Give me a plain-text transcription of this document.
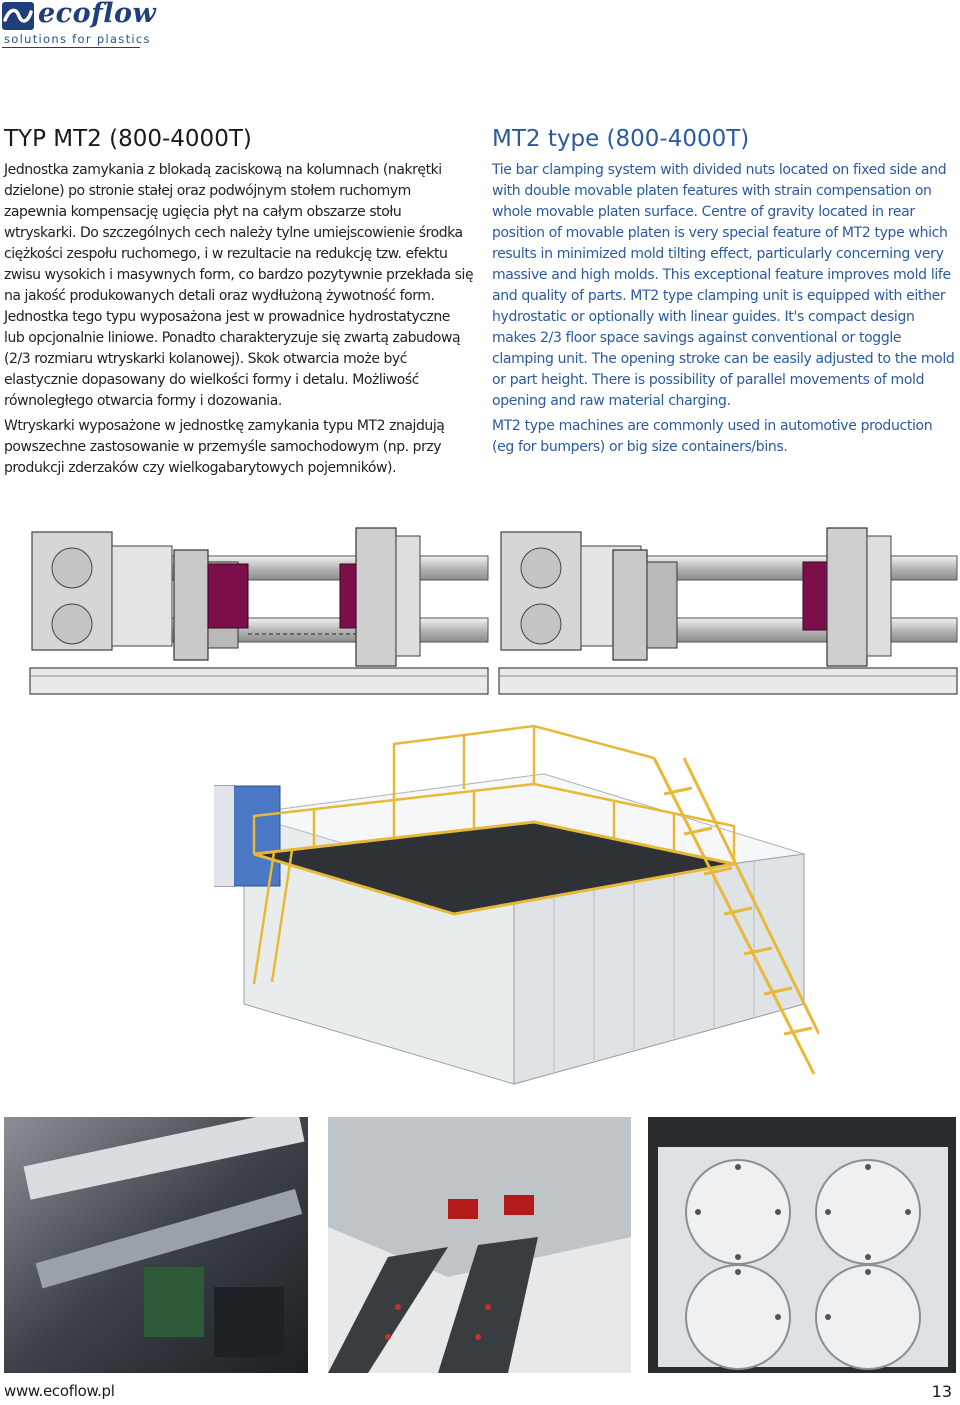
ecoflow
solutions for plastics
TYP MT2 (800-4000T)

Jednostka zamykania z blokadą zaciskową na kolumnach (nakrętki dzielone) po stronie stałej oraz podwójnym stołem ruchomym zapewnia kompensację ugięcia płyt na całym obszarze stołu wtryskarki. Do szczególnych cech należy tylne umiejscowienie środka ciężkości zespołu ruchomego, i w rezultacie na redukcję tzw. efektu zwisu wysokich i masywnych form, co bardzo pozytywnie przekłada się na jakość produkowanych detali oraz wydłużoną żywotność form. Jednostka tego typu wyposażona jest w prowadnice hydrostatyczne lub opcjonalnie liniowe. Ponadto charakteryzuje się zwartą zabudową (2/3 rozmiaru wtryskarki kolanowej). Skok otwarcia może być elastycznie dopasowany do wielkości formy i detalu. Możliwość równoległego otwarcia formy i dozowania.

Wtryskarki wyposażone w jednostkę zamykania typu MT2 znajdują powszechne zastosowanie w przemyśle samochodowym (np. przy produkcji zderzaków czy wielkogabarytowych pojemników).

MT2 type (800-4000T)

Tie bar clamping system with divided nuts located on fixed side and with double movable platen features with strain compensation on whole movable platen surface. Centre of gravity located in rear position of movable platen is very special feature of MT2 type which results in minimized mold tilting effect, particularly concerning very massive and high molds. This exceptional feature improves mold life and quality of parts. MT2 type clamping unit is equipped with either hydrostatic or optionally with linear guides. It's compact design makes 2/3 floor space savings against conventional or toggle clamping unit. The opening stroke can be easily adjusted to the mold or part height. There is possibility of parallel movements of mold opening and raw material charging.

MT2 type machines are commonly used in automotive production (eg for bumpers) or big size containers/bins.

www.ecoflow.pl	13
